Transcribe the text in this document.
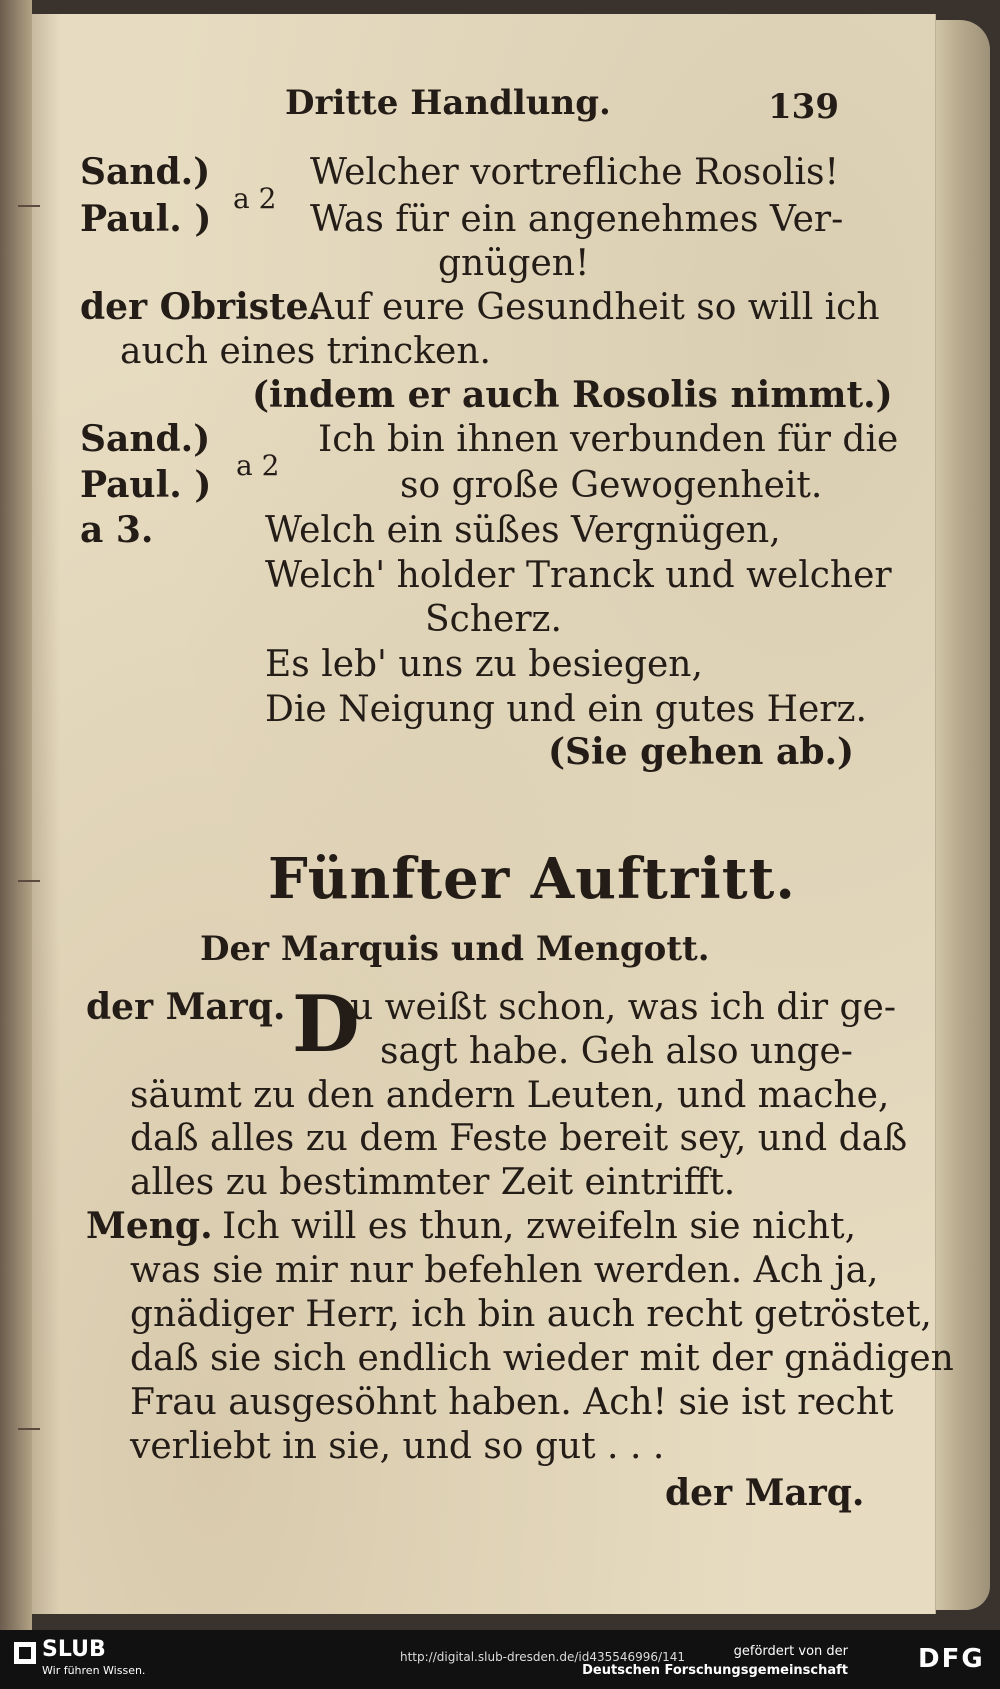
Dritte Handlung.	139
Sand.)
Paul. ) a 2
Welcher vortrefliche Rosolis!
Was für ein angenehmes Ver-
gnügen!
der Obriste.
Auf eure Gesundheit so will ich
auch eines trincken.
(indem er auch Rosolis nimmt.)
Sand.)
Paul. ) a 2
Ich bin ihnen verbunden für die
so große Gewogenheit.
a 3.	Welch ein süßes Vergnügen,
Welch' holder Tranck und welcher
Scherz.
Es leb' uns zu besiegen,
Die Neigung und ein gutes Herz.
(Sie gehen ab.)
Fünfter Auftritt.
Der Marquis und Mengott.
der Marq. D
u weißt schon, was ich dir ge-
sagt habe. Geh also unge-
säumt zu den andern Leuten, und mache,
daß alles zu dem Feste bereit sey, und daß
alles zu bestimmter Zeit eintrifft.
Meng. Ich will es thun, zweifeln sie nicht,
was sie mir nur befehlen werden. Ach ja,
gnädiger Herr, ich bin auch recht getröstet,
daß sie sich endlich wieder mit der gnädigen
Frau ausgesöhnt haben. Ach! sie ist recht
verliebt in sie, und so gut . . .
der Marq.
SLUB
Wir führen Wissen.
http://digital.slub-dresden.de/id435546996/141	gefördert von der
Deutschen Forschungsgemeinschaft	DFG
